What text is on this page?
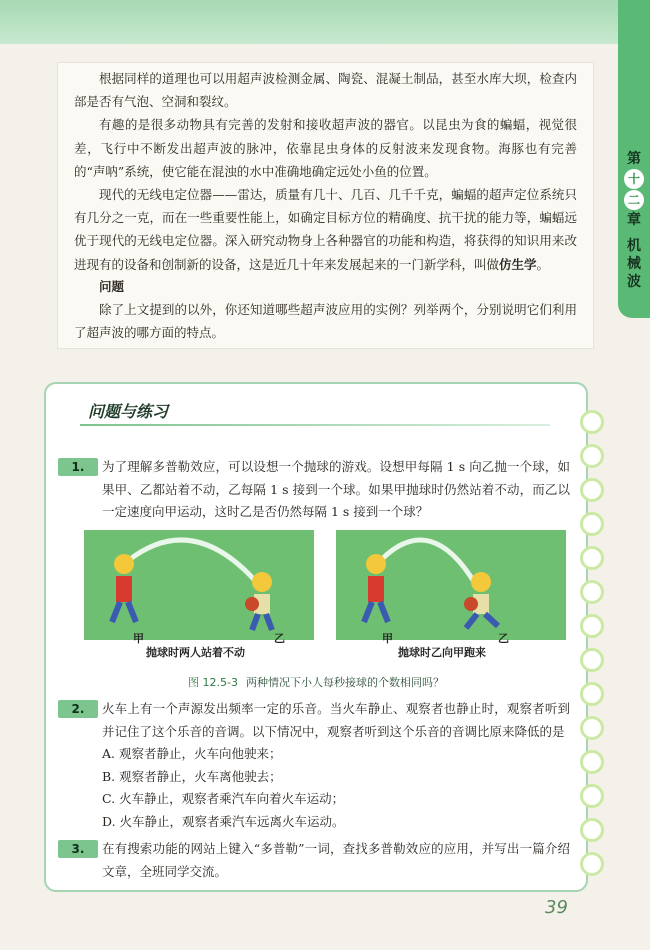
第
十
二
章
机
械
波

根据同样的道理也可以用超声波检测金属、陶瓷、混凝土制品，甚至水库大坝，检查内部是否有气泡、空洞和裂纹。

有趣的是很多动物具有完善的发射和接收超声波的器官。以昆虫为食的蝙蝠，视觉很差，飞行中不断发出超声波的脉冲，依靠昆虫身体的反射波来发现食物。海豚也有完善的“声呐”系统，使它能在混浊的水中准确地确定远处小鱼的位置。

现代的无线电定位器——雷达，质量有几十、几百、几千千克，蝙蝠的超声定位系统只有几分之一克，而在一些重要性能上，如确定目标方位的精确度、抗干扰的能力等，蝙蝠远优于现代的无线电定位器。深入研究动物身上各种器官的功能和构造，将获得的知识用来改进现有的设备和创制新的设备，这是近几十年来发展起来的一门新学科，叫做仿生学。

问题

除了上文提到的以外，你还知道哪些超声波应用的实例？列举两个，分别说明它们利用了超声波的哪方面的特点。

问题与练习
1.	为了理解多普勒效应，可以设想一个抛球的游戏。设想甲每隔 1 s 向乙抛一个球，如果甲、乙都站着不动，乙每隔 1 s 接到一个球。如果甲抛球时仍然站着不动，而乙以一定速度向甲运动，这时乙是否仍然每隔 1 s 接到一个球？
甲	乙
抛球时两人站着不动
甲	乙
抛球时乙向甲跑来
图 12.5-3 两种情况下小人每秒接球的个数相同吗？
2.	火车上有一个声源发出频率一定的乐音。当火车静止、观察者也静止时，观察者听到并记住了这个乐音的音调。以下情况中，观察者听到这个乐音的音调比原来降低的是
A. 观察者静止，火车向他驶来；
B. 观察者静止，火车离他驶去；
C. 火车静止，观察者乘汽车向着火车运动；
D. 火车静止，观察者乘汽车远离火车运动。
3.	在有搜索功能的网站上键入“多普勒”一词，查找多普勒效应的应用，并写出一篇介绍文章，全班同学交流。
39
